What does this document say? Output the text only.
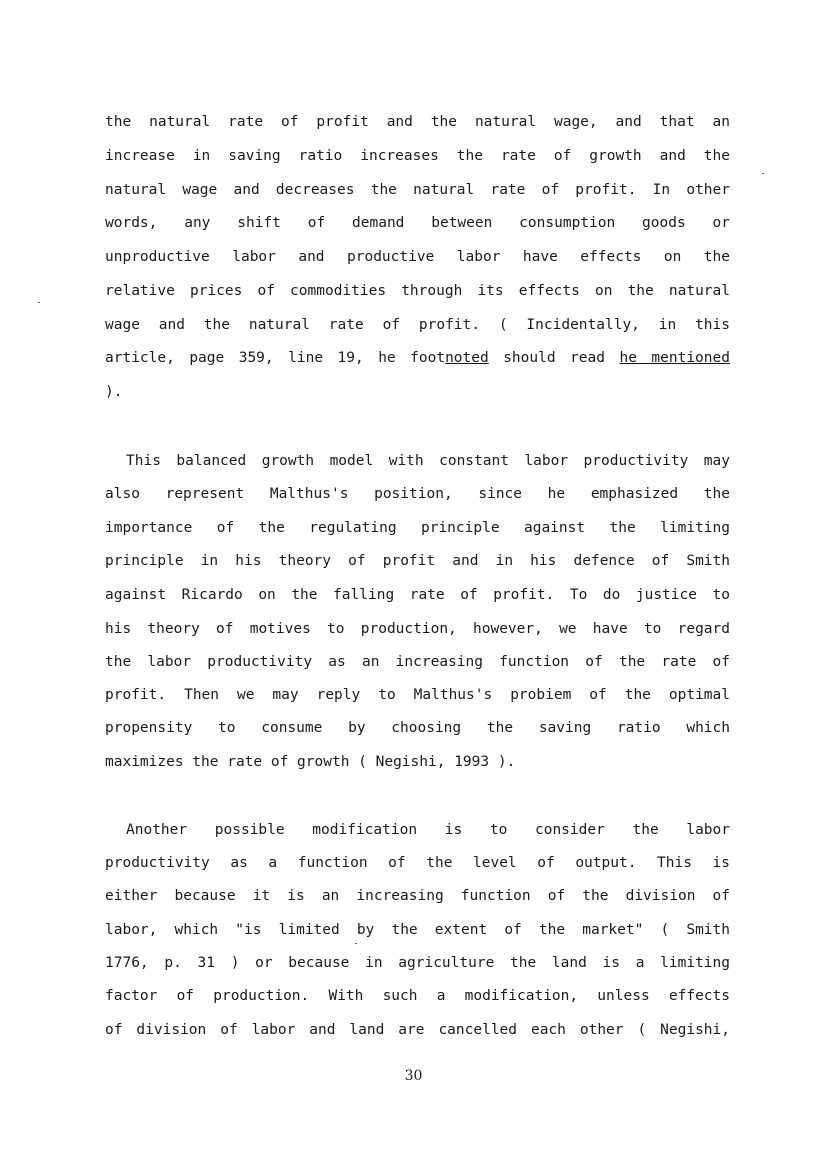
the natural rate of profit and the natural wage, and that an
increase in saving ratio increases the rate of growth and the
natural wage and decreases the natural rate of profit. In other
words, any shift of demand between consumption goods or
unproductive labor and productive labor have effects on the
relative prices of commodities through its effects on the natural
wage and the natural rate of profit. ( Incidentally, in this
article, page 359, line 19, he footnoted should read he mentioned
).
This balanced growth model with constant labor productivity may
also represent Malthus's position, since he emphasized the
importance of the regulating principle against the limiting
principle in his theory of profit and in his defence of Smith
against Ricardo on the falling rate of profit. To do justice to
his theory of motives to production, however, we have to regard
the labor productivity as an increasing function of the rate of
profit. Then we may reply to Malthus's probiem of the optimal
propensity to consume by choosing the saving ratio which
maximizes the rate of growth ( Negishi, 1993 ).
Another possible modification is to consider the labor
productivity as a function of the level of output. This is
either because it is an increasing function of the division of
labor, which "is limited by the extent of the market" ( Smith
1776, p. 31 ) or because in agriculture the land is a limiting
factor of production. With such a modification, unless effects
of division of labor and land are cancelled each other ( Negishi,
30
